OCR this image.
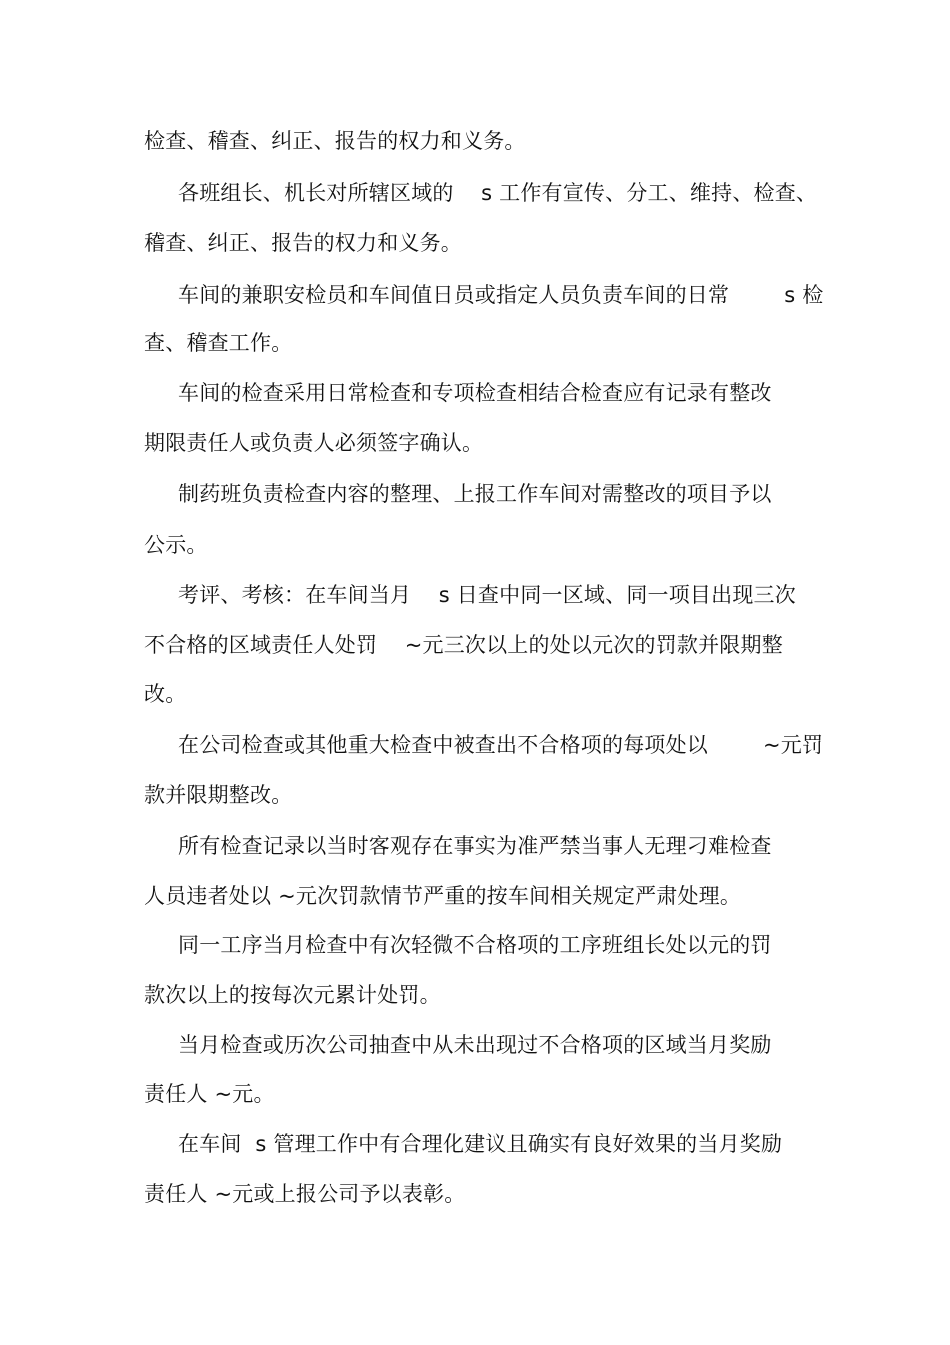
检查、稽查、纠正、报告的权力和义务。
各班组长、机长对所辖区域的    s 工作有宣传、分工、维持、检查、
稽查、纠正、报告的权力和义务。
车间的兼职安检员和车间值日员或指定人员负责车间的日常        s 检
查、稽查工作。
车间的检查采用日常检查和专项检查相结合检查应有记录有整改
期限责任人或负责人必须签字确认。
制药班负责检查内容的整理、上报工作车间对需整改的项目予以
公示。
考评、考核：在车间当月    s 日查中同一区域、同一项目出现三次
不合格的区域责任人处罚    ~元三次以上的处以元次的罚款并限期整
改。
在公司检查或其他重大检查中被查出不合格项的每项处以        ~元罚
款并限期整改。
所有检查记录以当时客观存在事实为准严禁当事人无理刁难检查
人员违者处以 ~元次罚款情节严重的按车间相关规定严肃处理。
同一工序当月检查中有次轻微不合格项的工序班组长处以元的罚
款次以上的按每次元累计处罚。
当月检查或历次公司抽查中从未出现过不合格项的区域当月奖励
责任人 ~元。
在车间  s 管理工作中有合理化建议且确实有良好效果的当月奖励
责任人 ~元或上报公司予以表彰。
